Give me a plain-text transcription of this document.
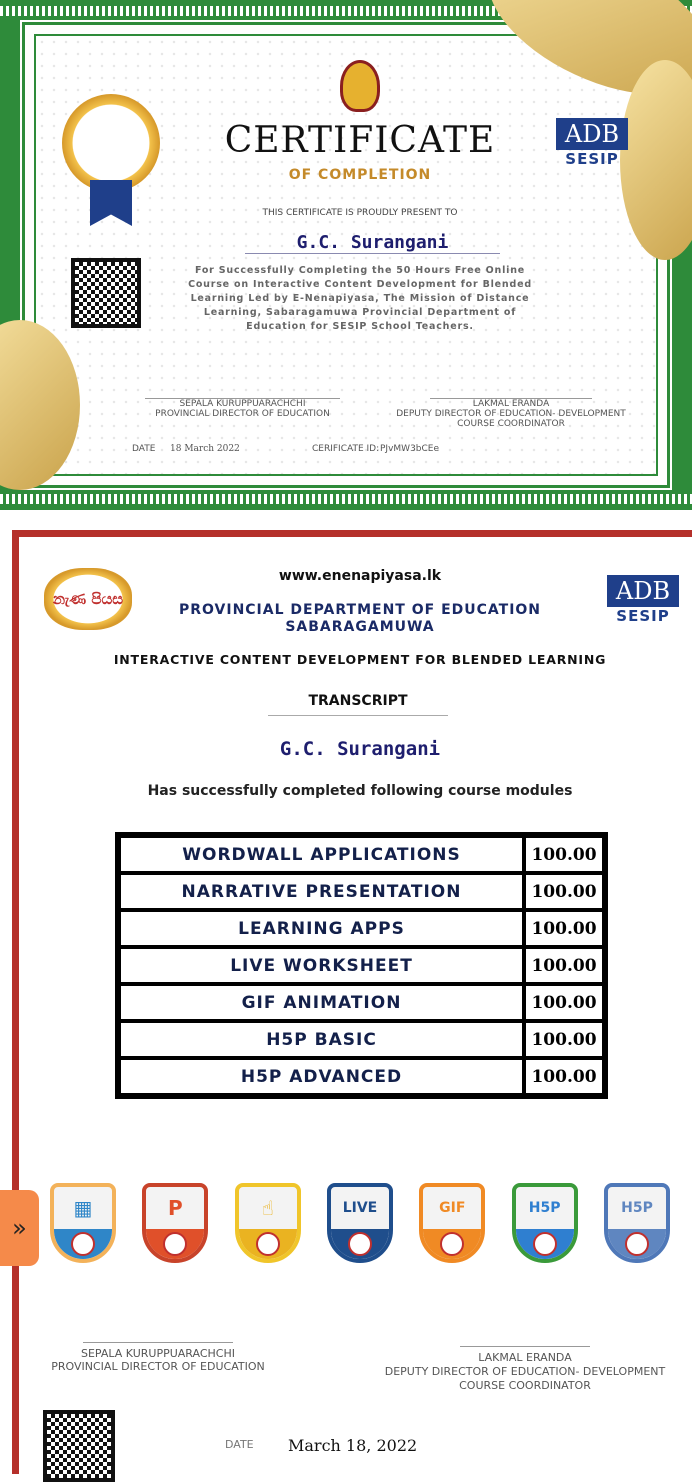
ADB
SESIP
CERTIFICATE
OF COMPLETION
THIS CERTIFICATE IS PROUDLY PRESENT TO
G.C. Surangani
For Successfully Completing the 50 Hours Free Online Course on Interactive Content Development for Blended Learning Led by E-Nenapiyasa, The Mission of Distance Learning, Sabaragamuwa Provincial Department of Education for SESIP School Teachers.
SEPALA KURUPPUARACHCHI
PROVINCIAL DIRECTOR OF EDUCATION
LAKMAL ERANDA
DEPUTY DIRECTOR OF EDUCATION- DEVELOPMENT
COURSE COORDINATOR
DATE 18 March 2022	CERIFICATE ID: PJvMW3bCEe
නැණ පියස	ADB
SESIP
www.enenapiyasa.lk
PROVINCIAL DEPARTMENT OF EDUCATION
SABARAGAMUWA
INTERACTIVE CONTENT DEVELOPMENT FOR BLENDED LEARNING
TRANSCRIPT
G.C. Surangani
Has successfully completed following course modules
WORDWALL APPLICATIONS	100.00
NARRATIVE PRESENTATION	100.00
LEARNING APPS	100.00
LIVE WORKSHEET	100.00
GIF ANIMATION	100.00
H5P BASIC	100.00
H5P ADVANCED	100.00
»
▦	P	☝	LIVE	GIF	H5P	H5P
SEPALA KURUPPUARACHCHI
PROVINCIAL DIRECTOR OF EDUCATION
LAKMAL ERANDA
DEPUTY DIRECTOR OF EDUCATION- DEVELOPMENT
COURSE COORDINATOR
DATE March 18, 2022
